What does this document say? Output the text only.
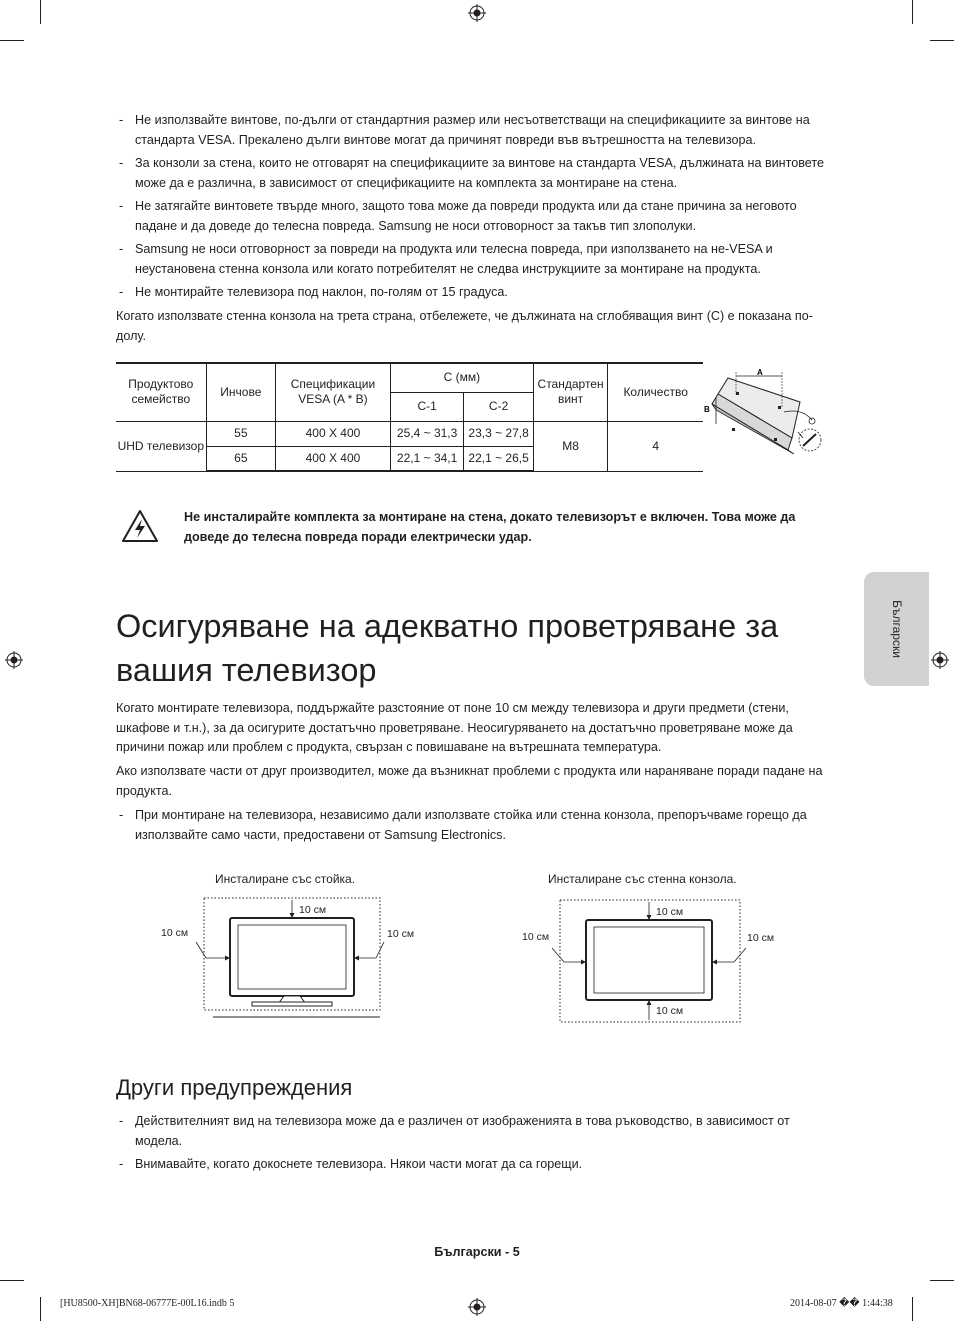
- Не използвайте винтове, по-дълги от стандартния размер или несъответстващи на спецификациите за винтове на стандарта VESA. Прекалено дълги винтове могат да причинят повреди във вътрешността на телевизора.

- За конзоли за стена, които не отговарят на спецификациите за винтове на стандарта VESA, дължината на винтовете може да е различна, в зависимост от спецификациите на комплекта за монтиране на стена.

- Не затягайте винтовете твърде много, защото това може да повреди продукта или да стане причина за неговото падане и да доведе до телесна повреда. Samsung не носи отговорност за такъв тип злополуки.

- Samsung не носи отговорност за повреди на продукта или телесна повреда, при използването на не-VESA и неустановена стенна конзола или когато потребителят не следва инструкциите за монтиране на продукта.

- Не монтирайте телевизора под наклон, по-голям от 15 градуса.

Когато използвате стенна конзола на трета страна, отбележете, че дължината на сглобяващия винт (C) е показана по-долу.

Продуктово семейство	Инчове	Спецификации VESA (A * B)	C (мм)		Стандартен винт	Количество
			C-1	C-2		
UHD телевизор	55	400 X 400	25,4 ~ 31,3	23,3 ~ 27,8	M8	4
	65	400 X 400	22,1 ~ 34,1	22,1 ~ 26,5		
A
B

Не инсталирайте комплекта за монтиране на стена, докато телевизорът е включен. Това може да доведе до телесна повреда поради електрически удар.

Български
Осигуряване на адекватно проветряване за вашия телевизор

Когато монтирате телевизора, поддържайте разстояние от поне 10 см между телевизора и други предмети (стени, шкафове и т.н.), за да осигурите достатъчно проветряване. Неосигуряването на достатъчно проветряване може да причини пожар или проблем с продукта, свързан с повишаване на вътрешната температура.

Ако използвате части от друг производител, може да възникнат проблеми с продукта или нараняване поради падане на продукта.

- При монтиране на телевизора, независимо дали използвате стойка или стенна конзола, препоръчваме горещо да използвайте само части, предоставени от Samsung Electronics.

Инсталиране със стойка.
10 см
10 см	10 см
Инсталиране със стенна конзола.
10 см
10 см	10 см
10 см
Други предупреждения

- Действителният вид на телевизора може да е различен от изображенията в това ръководство, в зависимост от модела.

- Внимавайте, когато докоснете телевизора. Някои части могат да са горещи.

Български - 5
[HU8500-XH]BN68-06777E-00L16.indb 5	2014-08-07 �� 1:44:38
